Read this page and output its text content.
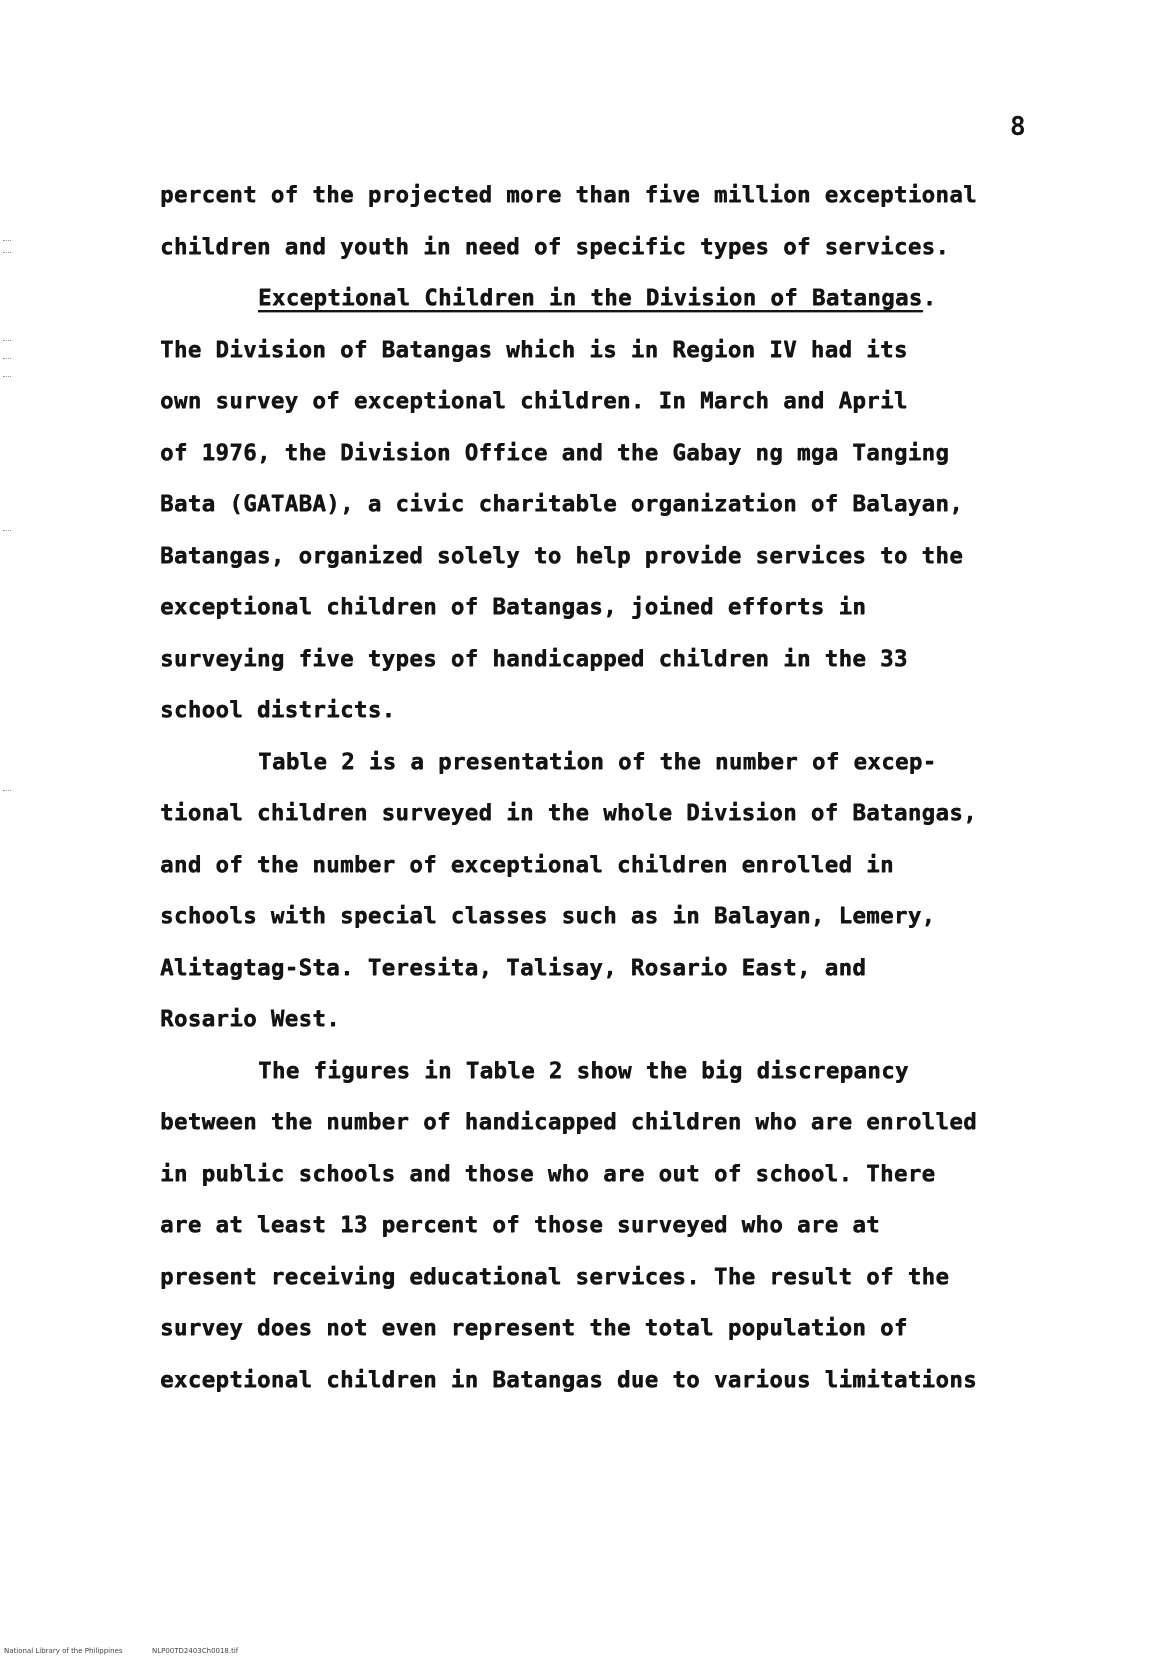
8
percent of the projected more than five million exceptional
children and youth in need of specific types of services.
Exceptional Children in the Division of Batangas.
The Division of Batangas which is in Region IV had its
own survey of exceptional children. In March and April
of 1976, the Division Office and the Gabay ng mga Tanging
Bata (GATABA), a civic charitable organization of Balayan,
Batangas, organized solely to help provide services to the
exceptional children of Batangas, joined efforts in
surveying five types of handicapped children in the 33
school districts.
Table 2 is a presentation of the number of excep-
tional children surveyed in the whole Division of Batangas,
and of the number of exceptional children enrolled in
schools with special classes such as in Balayan, Lemery,
Alitagtag-Sta. Teresita, Talisay, Rosario East, and
Rosario West.
The figures in Table 2 show the big discrepancy
between the number of handicapped children who are enrolled
in public schools and those who are out of school. There
are at least 13 percent of those surveyed who are at
present receiving educational services. The result of the
survey does not even represent the total population of
exceptional children in Batangas due to various limitations
National Library of the Philippines	NLP00TD2403Ch0018.tif
